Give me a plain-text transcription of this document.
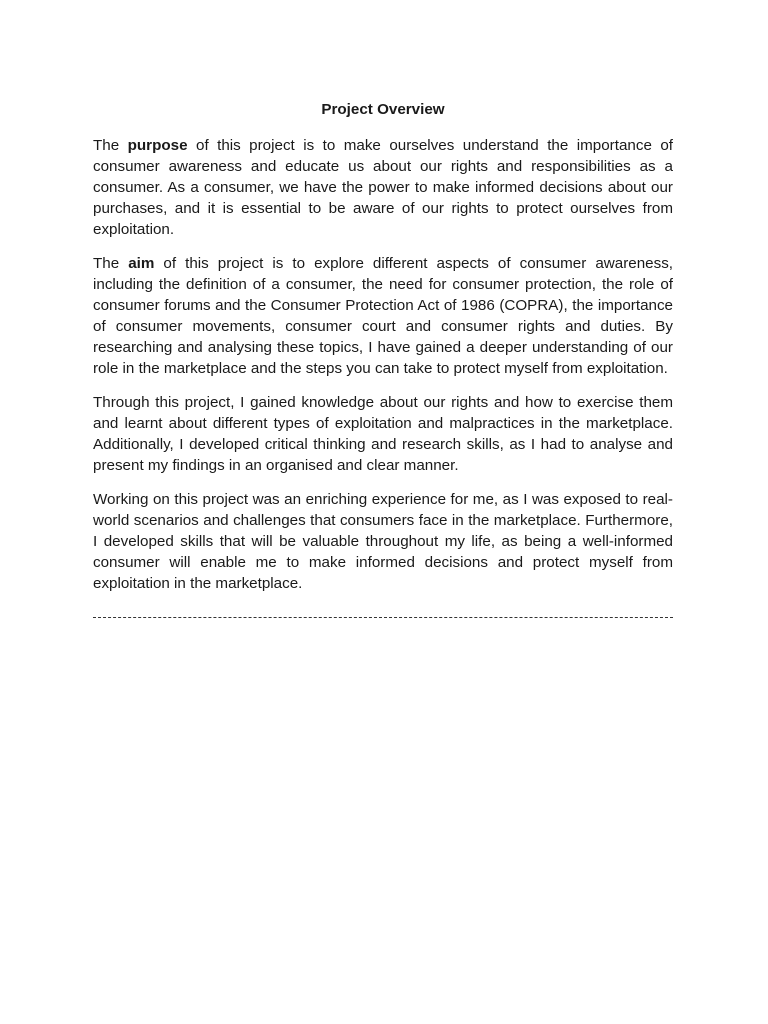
Project Overview

The purpose of this project is to make ourselves understand the importance of consumer awareness and educate us about our rights and responsibilities as a consumer. As a consumer, we have the power to make informed decisions about our purchases, and it is essential to be aware of our rights to protect ourselves from exploitation.

The aim of this project is to explore different aspects of consumer awareness, including the definition of a consumer, the need for consumer protection, the role of consumer forums and the Consumer Protection Act of 1986 (COPRA), the importance of consumer movements, consumer court and consumer rights and duties. By researching and analysing these topics, I have gained a deeper understanding of our role in the marketplace and the steps you can take to protect myself from exploitation.

Through this project, I gained knowledge about our rights and how to exercise them and learnt about different types of exploitation and malpractices in the marketplace. Additionally, I developed critical thinking and research skills, as I had to analyse and present my findings in an organised and clear manner.

Working on this project was an enriching experience for me, as I was exposed to real-world scenarios and challenges that consumers face in the marketplace. Furthermore, I developed skills that will be valuable throughout my life, as being a well-informed consumer will enable me to make informed decisions and protect myself from exploitation in the marketplace.
